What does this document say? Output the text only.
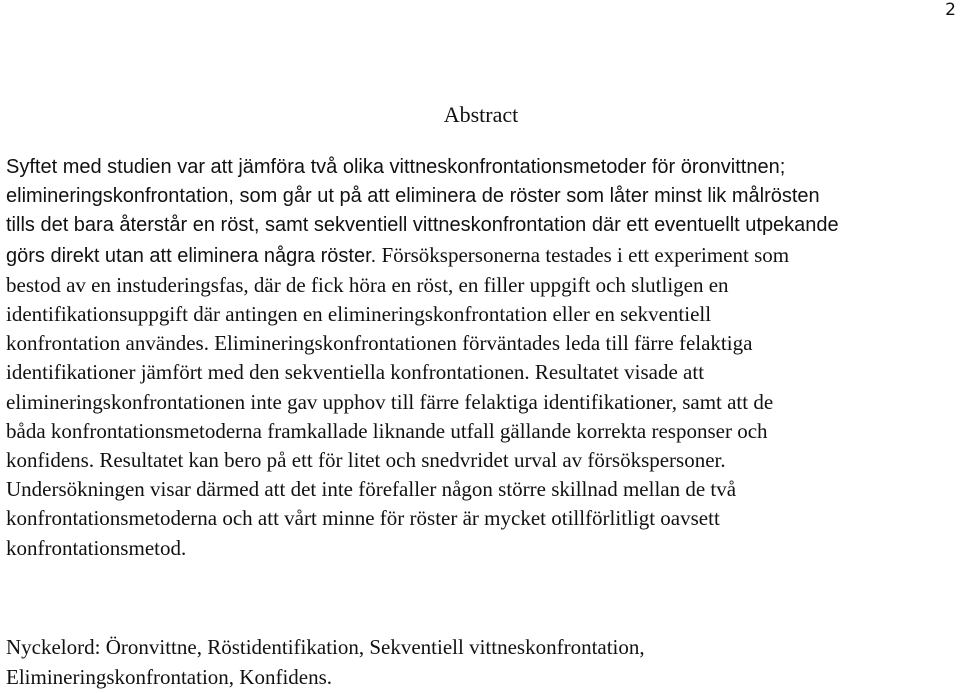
2
Abstract
Syftet med studien var att jämföra två olika vittneskonfrontationsmetoder för öronvittnen;
elimineringskonfrontation, som går ut på att eliminera de röster som låter minst lik målrösten
tills det bara återstår en röst, samt sekventiell vittneskonfrontation där ett eventuellt utpekande
görs direkt utan att eliminera några röster. Försökspersonerna testades i ett experiment som
bestod av en instuderingsfas, där de fick höra en röst, en filler uppgift och slutligen en
identifikationsuppgift där antingen en elimineringskonfrontation eller en sekventiell
konfrontation användes. Elimineringskonfrontationen förväntades leda till färre felaktiga
identifikationer jämfört med den sekventiella konfrontationen. Resultatet visade att
elimineringskonfrontationen inte gav upphov till färre felaktiga identifikationer, samt att de
båda konfrontationsmetoderna framkallade liknande utfall gällande korrekta responser och
konfidens. Resultatet kan bero på ett för litet och snedvridet urval av försökspersoner.
Undersökningen visar därmed att det inte förefaller någon större skillnad mellan de två
konfrontationsmetoderna och att vårt minne för röster är mycket otillförlitligt oavsett
konfrontationsmetod.
Nyckelord: Öronvittne, Röstidentifikation, Sekventiell vittneskonfrontation,
Elimineringskonfrontation, Konfidens.
